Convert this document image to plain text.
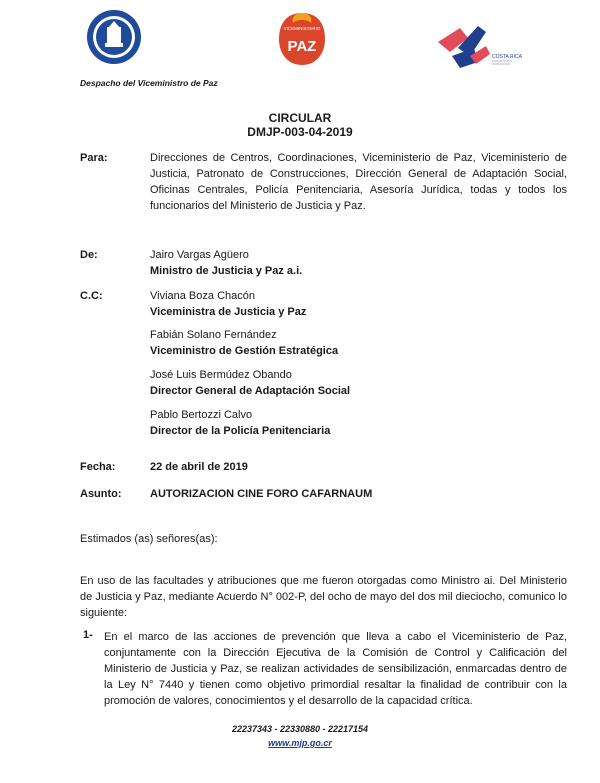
Despacho del Viceministro de Paz
VICEMINISTERIO
PAZ
COSTA RICA
CIRCULAR
DMJP-003-04-2019
Para:	Direcciones de Centros, Coordinaciones, Viceministerio de Paz, Viceministerio de Justicia, Patronato de Construcciones, Dirección General de Adaptación Social, Oficinas Centrales, Policía Penitenciaria, Asesoría Jurídica, todas y todos los funcionarios del Ministerio de Justicia y Paz.
De:	Jairo Vargas Agüero
Ministro de Justicia y Paz a.i.
C.C:	Viviana Boza Chacón
Viceministra de Justicia y Paz
Fabián Solano Fernández
Viceministro de Gestión Estratégica
José Luis Bermúdez Obando
Director General de Adaptación Social
Pablo Bertozzi Calvo
Director de la Policía Penitenciaria
Fecha:	22 de abril de 2019
Asunto:	AUTORIZACION CINE FORO CAFARNAUM
Estimados (as) señores(as):
En uso de las facultades y atribuciones que me fueron otorgadas como Ministro ai. Del Ministerio de Justicia y Paz, mediante Acuerdo N° 002-P, del ocho de mayo del dos mil dieciocho, comunico lo siguiente:
1- En el marco de las acciones de prevención que lleva a cabo el Viceministerio de Paz, conjuntamente con la Dirección Ejecutiva de la Comisión de Control y Calificación del Ministerio de Justicia y Paz, se realizan actividades de sensibilización, enmarcadas dentro de la Ley N° 7440 y tienen como objetivo primordial resaltar la finalidad de contribuir con la promoción de valores, conocimientos y el desarrollo de la capacidad crítica.
22237343 - 22330880 - 22217154
www.mjp.go.cr
